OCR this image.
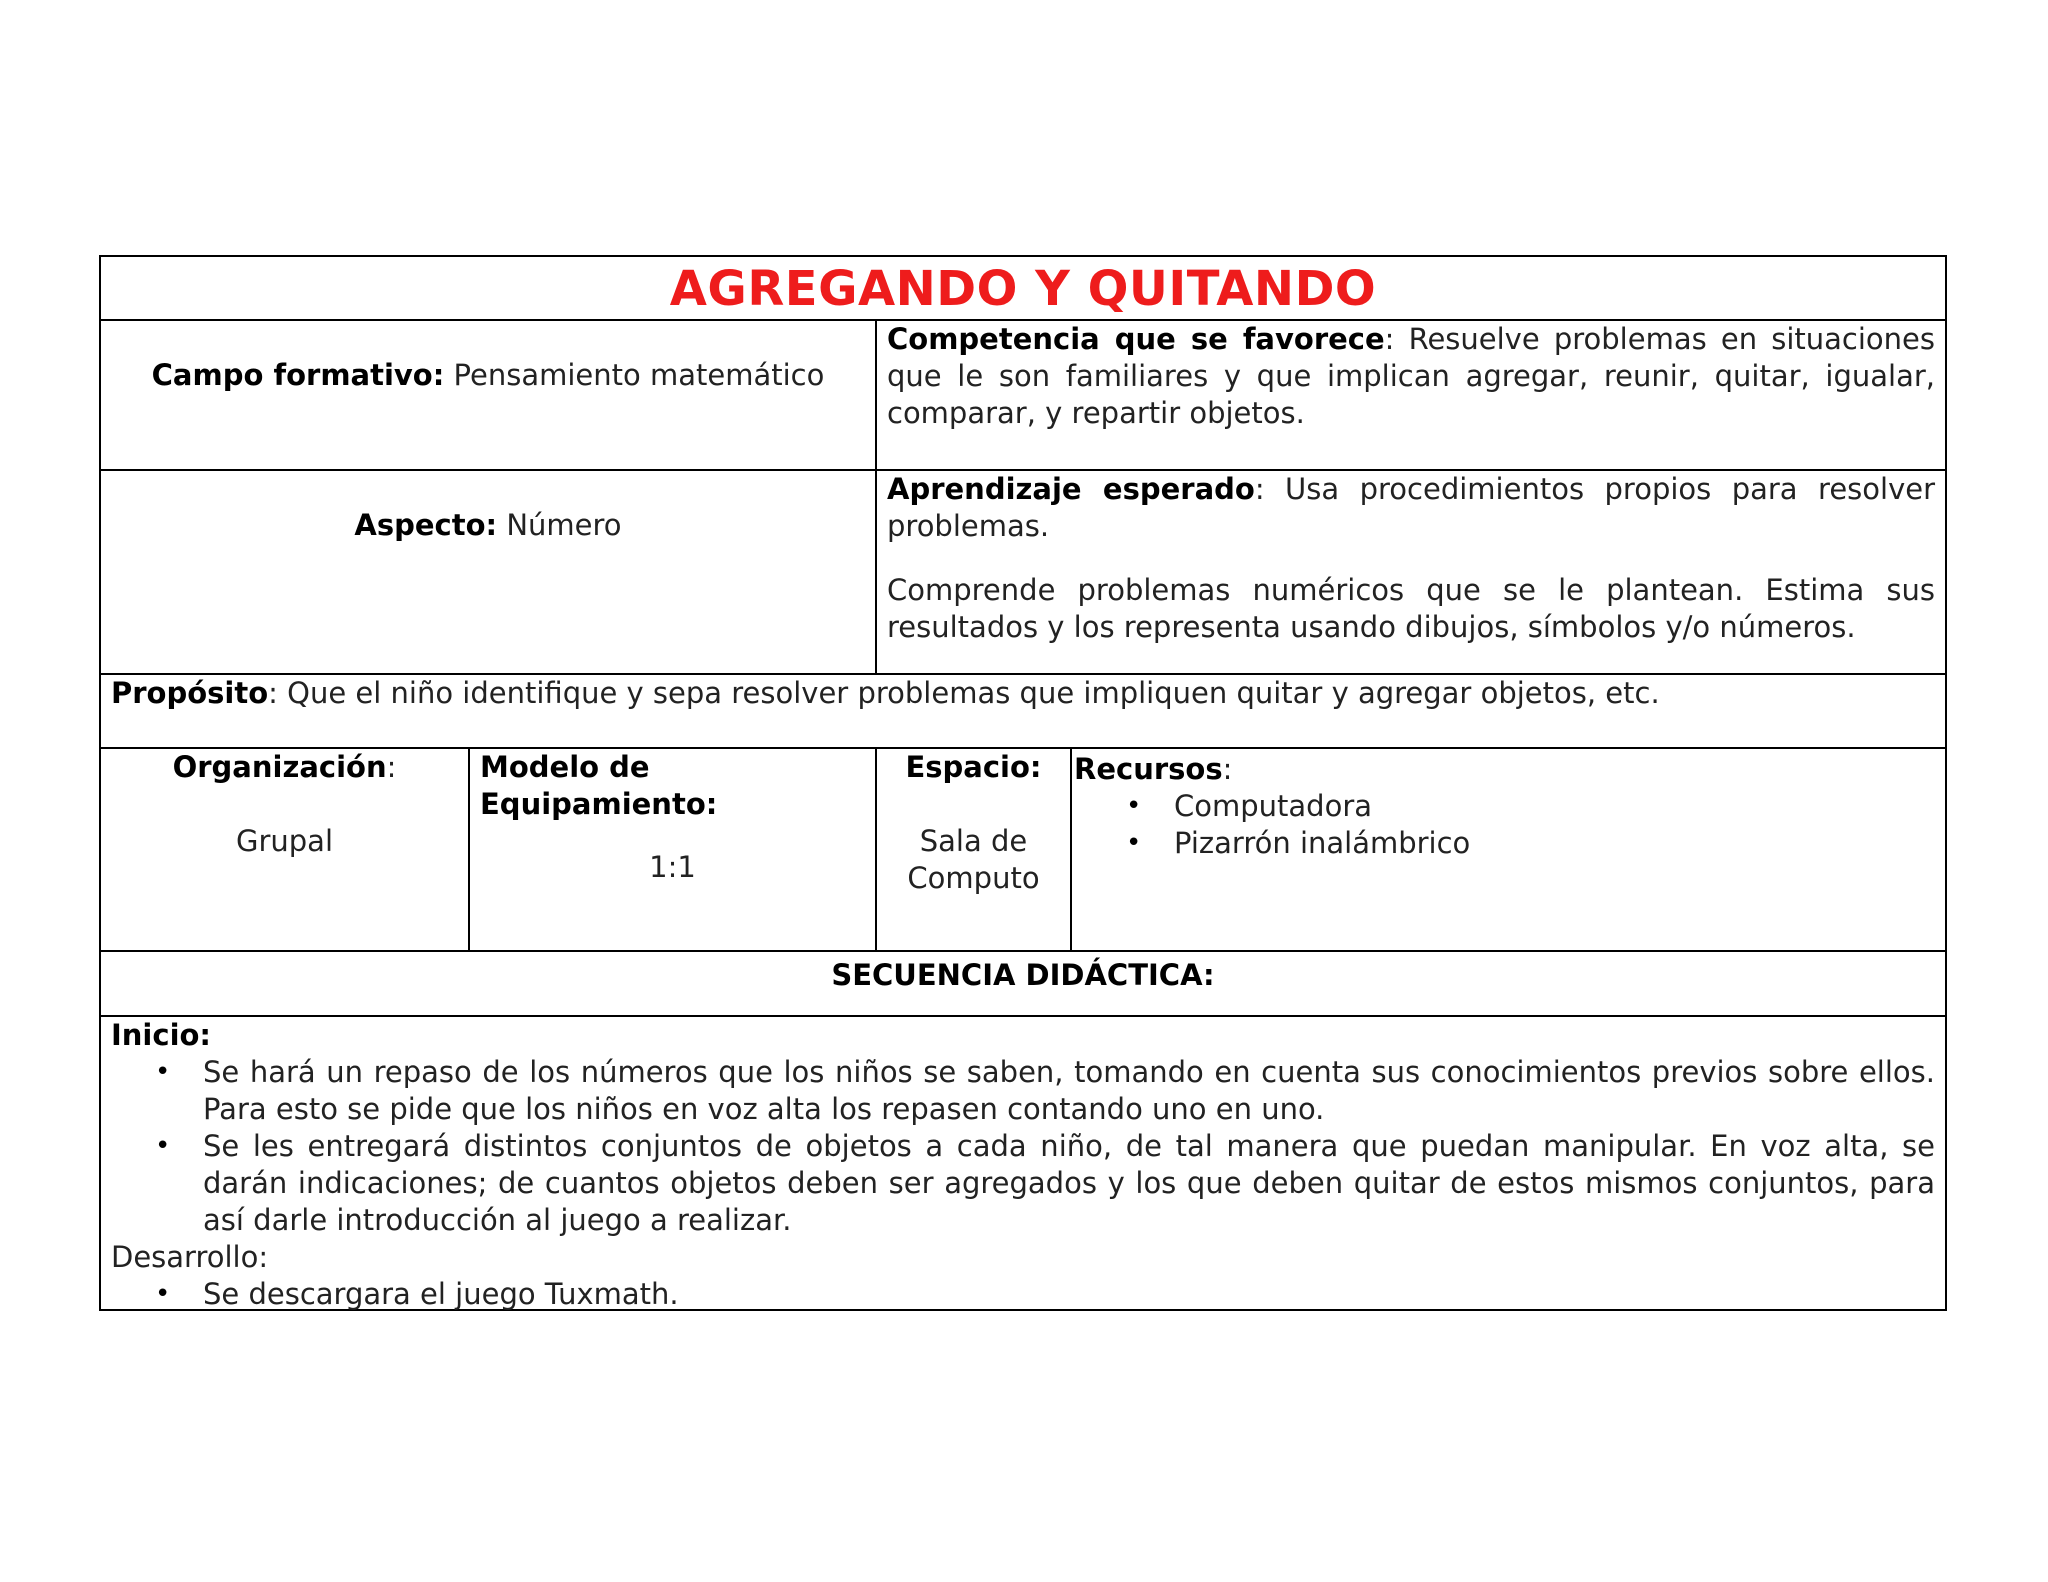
AGREGANDO Y QUITANDO
Campo formativo: Pensamiento matemático
Competencia que se favorece: Resuelve problemas en situaciones que le son familiares y que implican agregar, reunir, quitar, igualar, comparar, y repartir objetos.
Aspecto: Número
Aprendizaje esperado: Usa procedimientos propios para resolver problemas.
Comprende problemas numéricos que se le plantean. Estima sus resultados y los representa usando dibujos, símbolos y/o números.
Propósito: Que el niño identifique y sepa resolver problemas que impliquen quitar y agregar objetos, etc.
Organización:
Grupal
Modelo de Equipamiento:
1:1
Espacio:
Sala de Computo
Recursos:
• Computadora
• Pizarrón inalámbrico
SECUENCIA DIDÁCTICA:
Inicio:
• Se hará un repaso de los números que los niños se saben, tomando en cuenta sus conocimientos previos sobre ellos. Para esto se pide que los niños en voz alta los repasen contando uno en uno.
• Se les entregará distintos conjuntos de objetos a cada niño, de tal manera que puedan manipular. En voz alta, se darán indicaciones; de cuantos objetos deben ser agregados y los que deben quitar de estos mismos conjuntos, para así darle introducción al juego a realizar.
Desarrollo:
• Se descargara el juego Tuxmath.
